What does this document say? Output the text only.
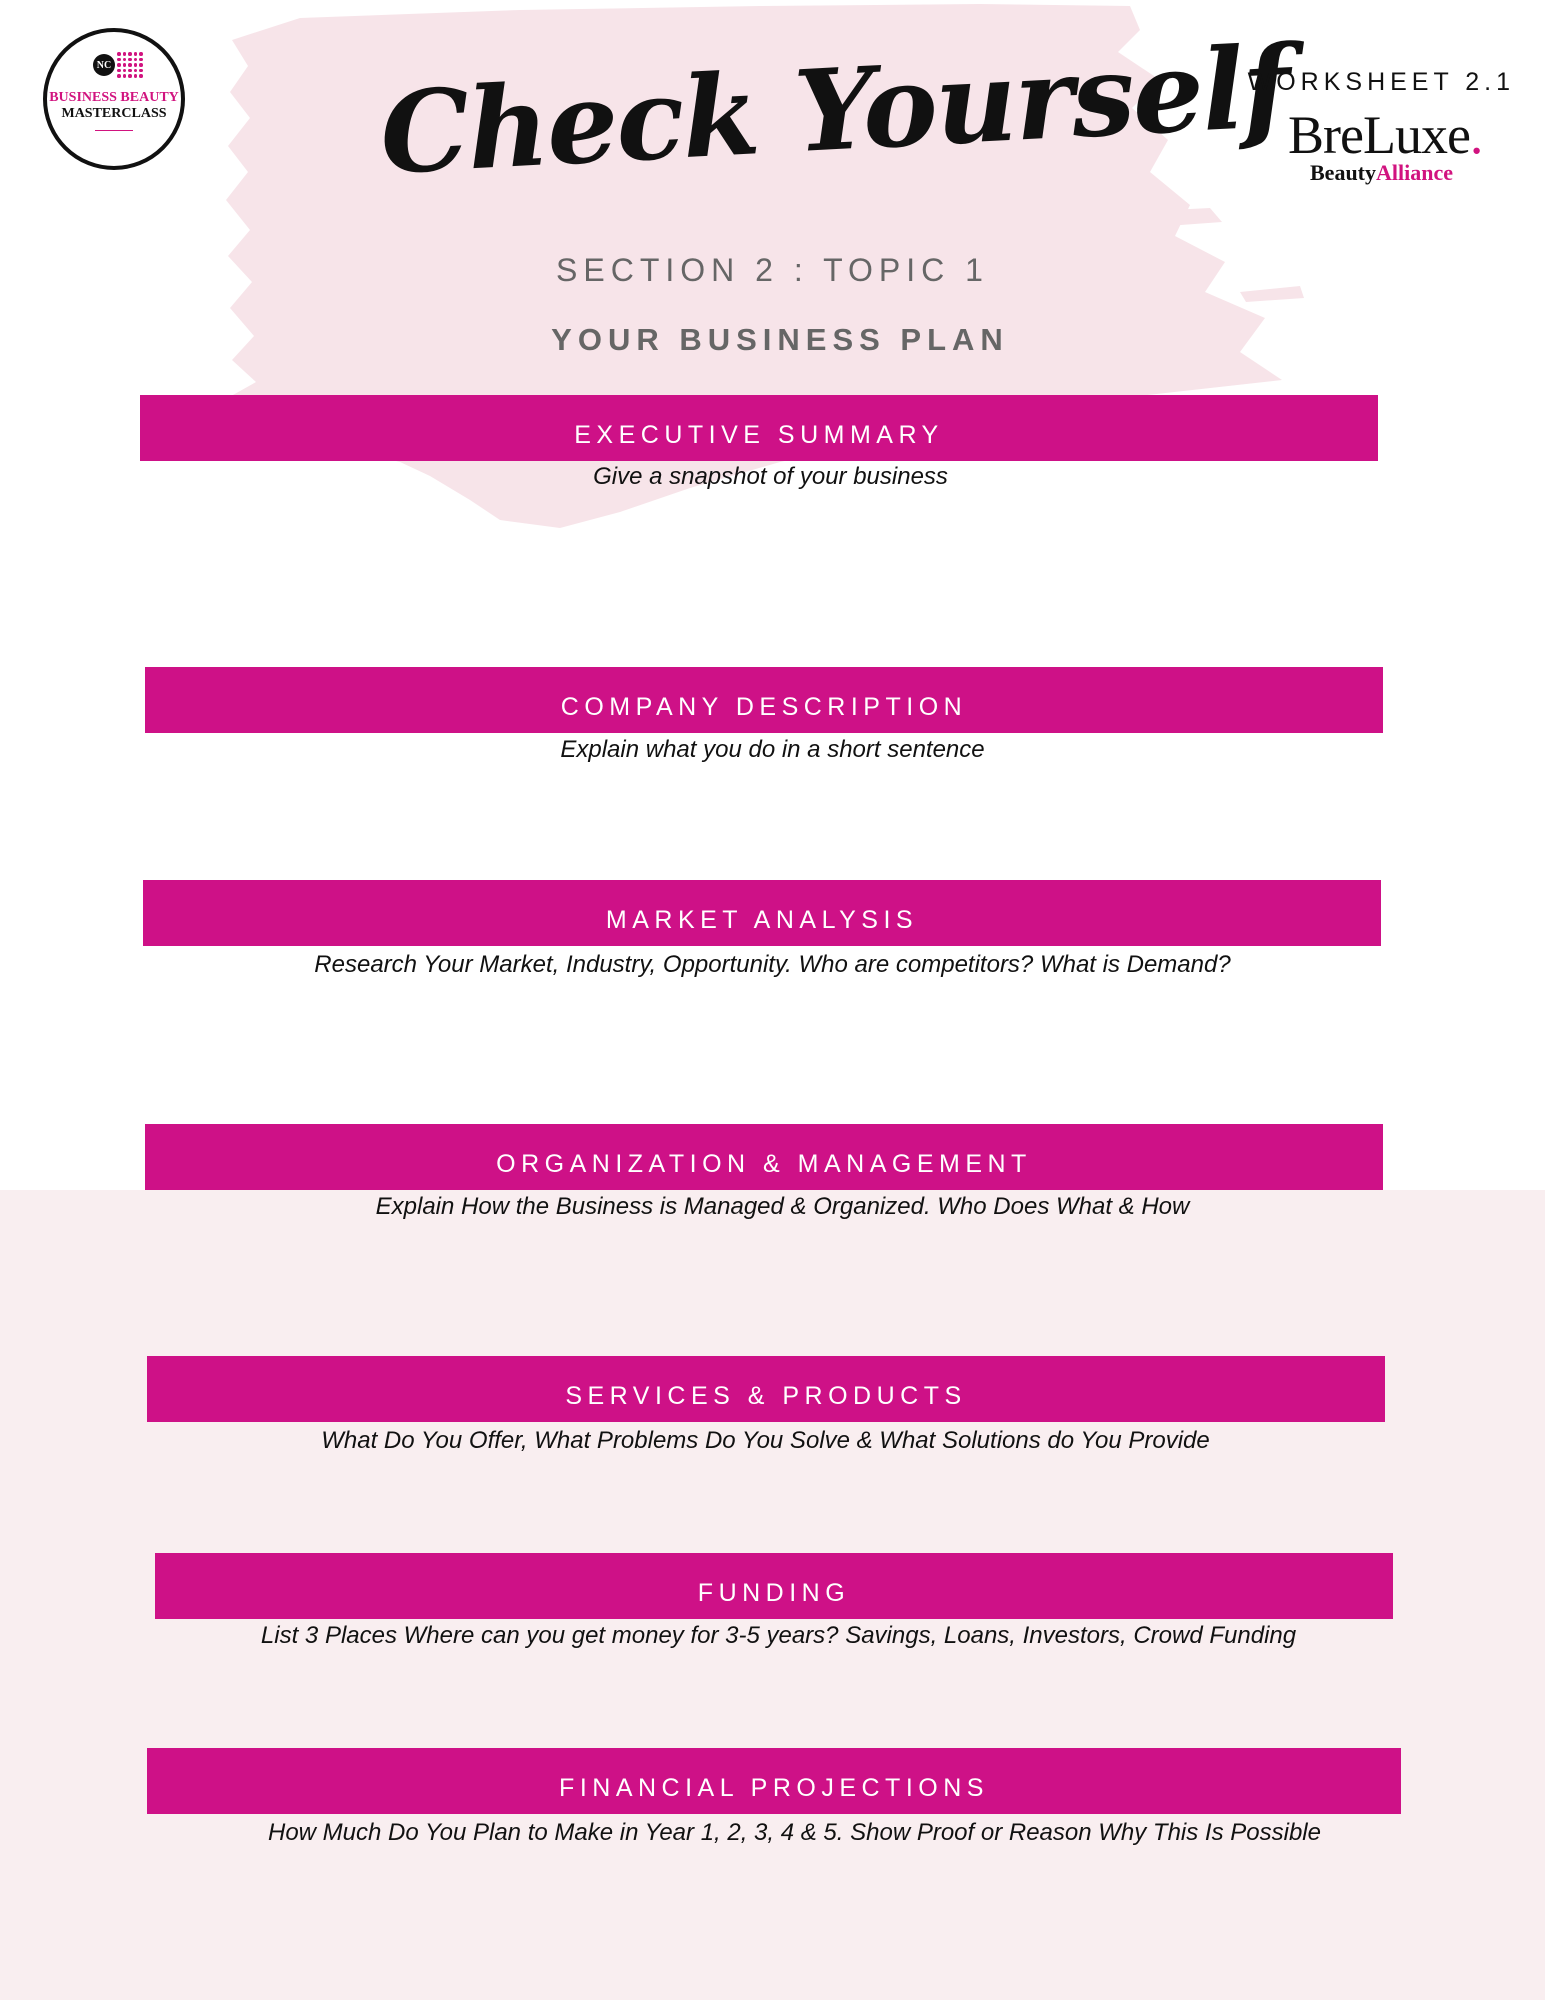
NC
BUSINESS BEAUTY
MASTERCLASS Check Yourself
WORKSHEET 2.1
BreLuxe.
BeautyAlliance
SECTION 2 : TOPIC 1
YOUR BUSINESS PLAN
EXECUTIVE SUMMARY
Give a snapshot of your business
COMPANY DESCRIPTION
Explain what you do in a short sentence
MARKET ANALYSIS
Research Your Market, Industry, Opportunity. Who are competitors? What is Demand?
ORGANIZATION & MANAGEMENT
Explain How the Business is Managed & Organized. Who Does What & How
SERVICES & PRODUCTS
What Do You Offer, What Problems Do You Solve & What Solutions do You Provide
FUNDING
List 3 Places Where can you get money for 3-5 years? Savings, Loans, Investors, Crowd Funding
FINANCIAL PROJECTIONS
How Much Do You Plan to Make in Year 1, 2, 3, 4 & 5. Show Proof or Reason Why This Is Possible
